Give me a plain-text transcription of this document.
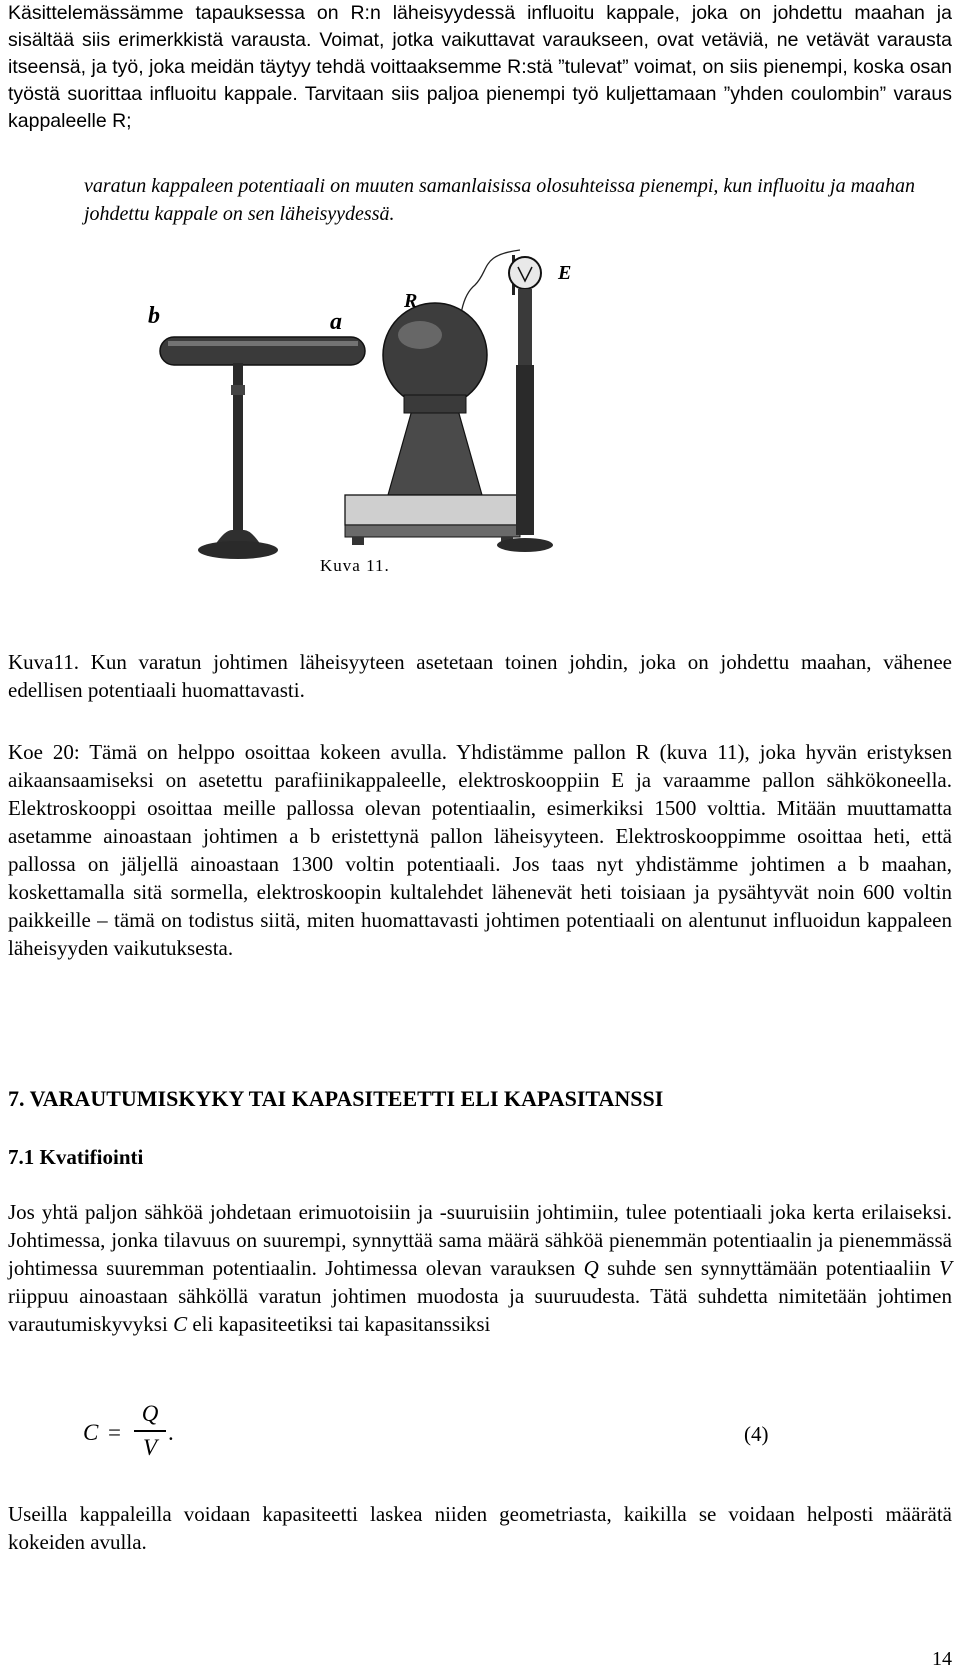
Käsittelemässämme tapauksessa on R:n läheisyydessä influoitu kappale, joka on johdettu maahan ja sisältää siis erimerkkistä varausta. Voimat, jotka vaikuttavat varaukseen, ovat vetäviä, ne vetävät varausta itseensä, ja työ, joka meidän täytyy tehdä voittaaksemme R:stä ”tulevat” voimat, on siis pienempi, koska osan työstä suorittaa influoitu kappale. Tarvitaan siis paljoa pienempi työ kuljettamaan ”yhden coulombin” varaus kappaleelle R;

varatun kappaleen potentiaali on muuten samanlaisissa olosuhteissa pienempi, kun influoitu ja maahan johdettu kappale on sen läheisyydessä.

b	a
R
E
Kuva 11.

Kuva11. Kun varatun johtimen läheisyyteen asetetaan toinen johdin, joka on johdettu maahan, vähenee edellisen potentiaali huomattavasti.

Koe 20: Tämä on helppo osoittaa kokeen avulla. Yhdistämme pallon R (kuva 11), joka hyvän eristyksen aikaansaamiseksi on asetettu parafiinikappaleelle, elektroskooppiin E ja varaamme pallon sähkökoneella. Elektroskooppi osoittaa meille pallossa olevan potentiaalin, esimerkiksi 1500 volttia. Mitään muuttamatta asetamme ainoastaan johtimen a b eristettynä pallon läheisyyteen. Elektroskooppimme osoittaa heti, että pallossa on jäljellä ainoastaan 1300 voltin potentiaali. Jos taas nyt yhdistämme johtimen a b maahan, koskettamalla sitä sormella, elektroskoopin kultalehdet lähenevät heti toisiaan ja pysähtyvät noin 600 voltin paikkeille – tämä on todistus siitä, miten huomattavasti johtimen potentiaali on alentunut influoidun kappaleen läheisyyden vaikutuksesta.

7. VARAUTUMISKYKY TAI KAPASITEETTI ELI KAPASITANSSI
7.1 Kvatifiointi

Jos yhtä paljon sähköä johdetaan erimuotoisiin ja -suuruisiin johtimiin, tulee potentiaali joka kerta erilaiseksi. Johtimessa, jonka tilavuus on suurempi, synnyttää sama määrä sähköä pienemmän potentiaalin ja pienemmässä johtimessa suuremman potentiaalin. Johtimessa olevan varauksen Q suhde sen synnyttämään potentiaaliin V riippuu ainoastaan sähköllä varatun johtimen muodosta ja suuruudesta. Tätä suhdetta nimitetään johtimen varautumiskyvyksi C eli kapasiteetiksi tai kapasitanssiksi

C =
Q
V
.	(4)

Useilla kappaleilla voidaan kapasiteetti laskea niiden geometriasta, kaikilla se voidaan helposti määrätä kokeiden avulla.

14
